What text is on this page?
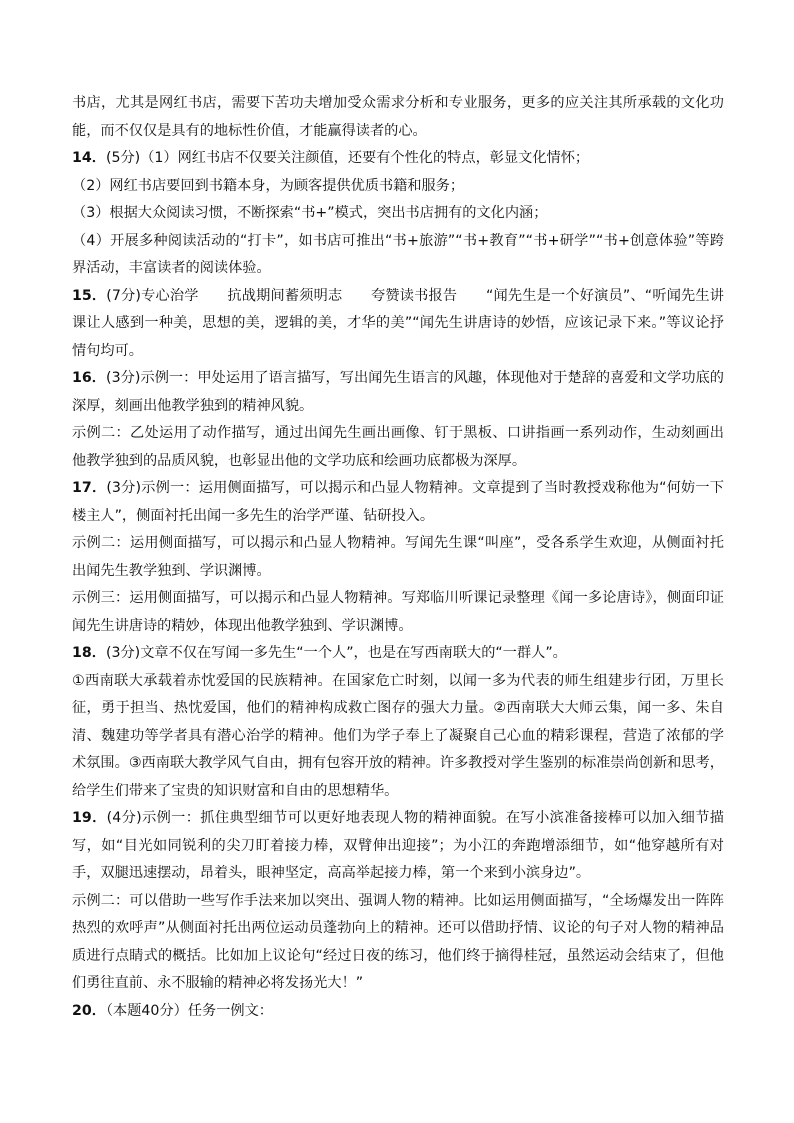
书店，尤其是网红书店，需要下苦功夫增加受众需求分析和专业服务，更多的应关注其所承载的文化功能，而不仅仅是具有的地标性价值，才能赢得读者的心。

14．(5分)（1）网红书店不仅要关注颜值，还要有个性化的特点，彰显文化情怀；

（2）网红书店要回到书籍本身，为顾客提供优质书籍和服务；

（3）根据大众阅读习惯，不断探索“书+”模式，突出书店拥有的文化内涵；

（4）开展多种阅读活动的“打卡”，如书店可推出“书+旅游”“书+教育”“书+研学”“书+创意体验”等跨界活动，丰富读者的阅读体验。

15．(7分)专心治学　　抗战期间蓄须明志　　夸赞读书报告　　“闻先生是一个好演员”、“听闻先生讲课让人感到一种美，思想的美，逻辑的美，才华的美”“闻先生讲唐诗的妙悟，应该记录下来。”等议论抒情句均可。

16．(3分)示例一：甲处运用了语言描写，写出闻先生语言的风趣，体现他对于楚辞的喜爱和文学功底的深厚，刻画出他教学独到的精神风貌。

示例二：乙处运用了动作描写，通过出闻先生画出画像、钉于黑板、口讲指画一系列动作，生动刻画出他教学独到的品质风貌，也彰显出他的文学功底和绘画功底都极为深厚。

17．(3分)示例一：运用侧面描写，可以揭示和凸显人物精神。文章提到了当时教授戏称他为“何妨一下楼主人”，侧面衬托出闻一多先生的治学严谨、钻研投入。

示例二：运用侧面描写，可以揭示和凸显人物精神。写闻先生课“叫座”，受各系学生欢迎，从侧面衬托出闻先生教学独到、学识渊博。

示例三：运用侧面描写，可以揭示和凸显人物精神。写郑临川听课记录整理《闻一多论唐诗》，侧面印证闻先生讲唐诗的精妙，体现出他教学独到、学识渊博。

18．(3分)文章不仅在写闻一多先生“一个人”，也是在写西南联大的“一群人”。

①西南联大承载着赤忱爱国的民族精神。在国家危亡时刻，以闻一多为代表的师生组建步行团，万里长征，勇于担当、热忱爱国，他们的精神构成救亡图存的强大力量。②西南联大大师云集，闻一多、朱自清、魏建功等学者具有潜心治学的精神。他们为学子奉上了凝聚自己心血的精彩课程，营造了浓郁的学术氛围。③西南联大教学风气自由，拥有包容开放的精神。许多教授对学生鉴别的标准崇尚创新和思考，给学生们带来了宝贵的知识财富和自由的思想精华。

19．(4分)示例一：抓住典型细节可以更好地表现人物的精神面貌。在写小滨准备接棒可以加入细节描写，如“目光如同锐利的尖刀盯着接力棒，双臂伸出迎接”；为小江的奔跑增添细节，如“他穿越所有对手，双腿迅速摆动，昂着头，眼神坚定，高高举起接力棒，第一个来到小滨身边”。

示例二：可以借助一些写作手法来加以突出、强调人物的精神。比如运用侧面描写，“全场爆发出一阵阵热烈的欢呼声”从侧面衬托出两位运动员蓬勃向上的精神。还可以借助抒情、议论的句子对人物的精神品质进行点睛式的概括。比如加上议论句“经过日夜的练习，他们终于摘得桂冠，虽然运动会结束了，但他们勇往直前、永不服输的精神必将发扬光大！”

20．（本题40分）任务一例文：
